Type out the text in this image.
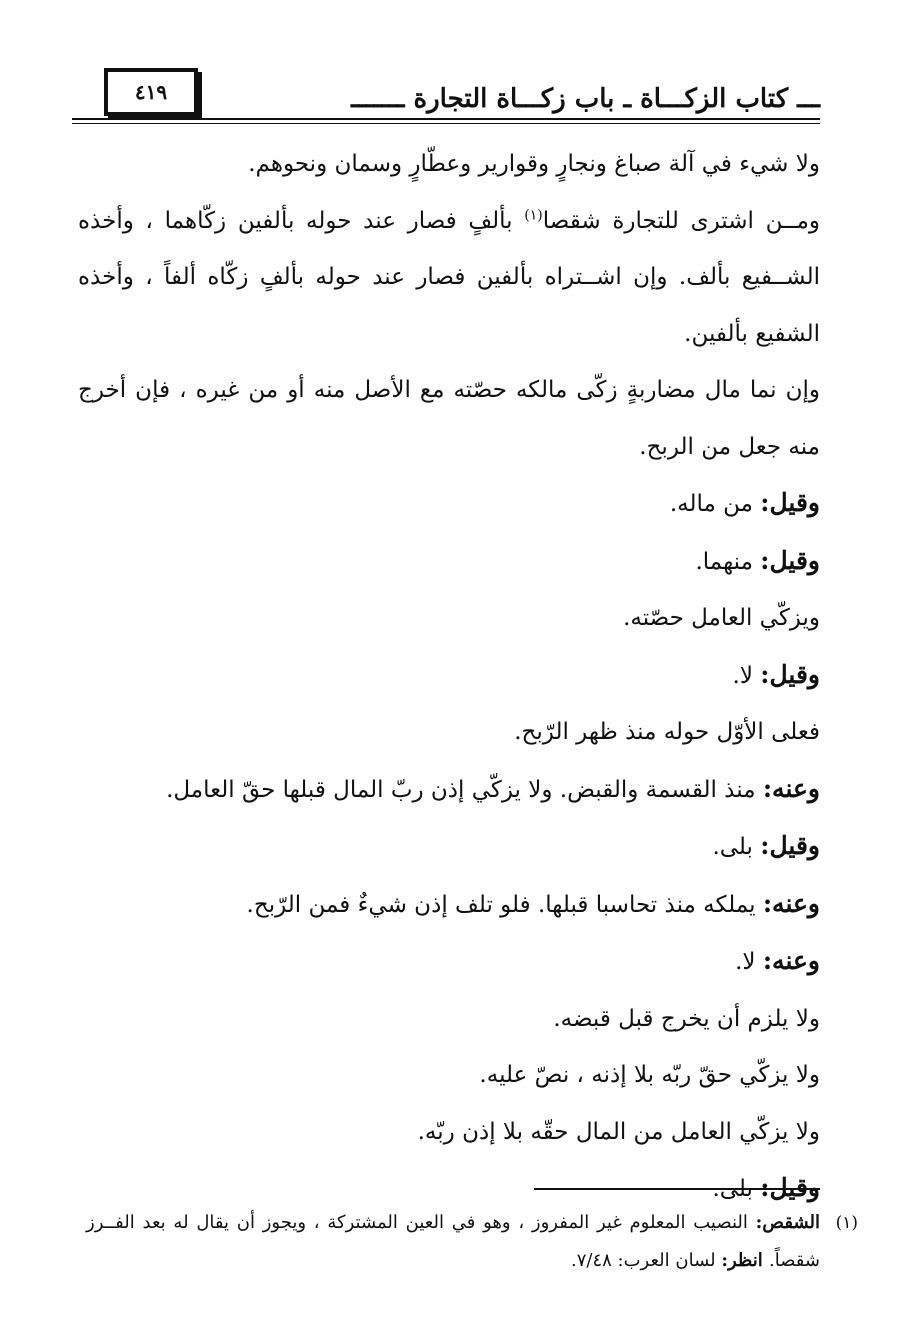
٤١٩	ـــ كتاب الزكـــاة ـ باب زكـــاة التجارة ـــــــ

ولا شيء في آلة صباغ ونجارٍ وقوارير وعطّارٍ وسمان ونحوهم.

ومــن اشترى للتجارة شقصا$^{(١)}$ بألفٍ فصار عند حوله بألفين زكّاهما ، وأخذه الشــفيع بألف. وإن اشــتراه بألفين فصار عند حوله بألفٍ زكّاه ألفاً ، وأخذه الشفيع بألفين.

وإن نما مال مضاربةٍ زكّى مالكه حصّته مع الأصل منه أو من غيره ، فإن أخرج منه جعل من الربح.

وقيل: من ماله.

وقيل: منهما.

ويزكّي العامل حصّته.

وقيل: لا.

فعلى الأوّل حوله منذ ظهر الرّبح.

وعنه: منذ القسمة والقبض. ولا يزكّي إذن ربّ المال قبلها حقّ العامل.

وقيل: بلى.

وعنه: يملكه منذ تحاسبا قبلها. فلو تلف إذن شيءٌ فمن الرّبح.

وعنه: لا.

ولا يلزم أن يخرج قبل قبضه.

ولا يزكّي حقّ ربّه بلا إذنه ، نصّ عليه.

ولا يزكّي العامل من المال حقّه بلا إذن ربّه.

وقيل: بلى.

(١)

الشقص: النصيب المعلوم غير المفروز ، وهو في العين المشتركة ، ويجوز أن يقال له بعد الفــرز شقصاً. انظر: لسان العرب: ٧/٤٨.
